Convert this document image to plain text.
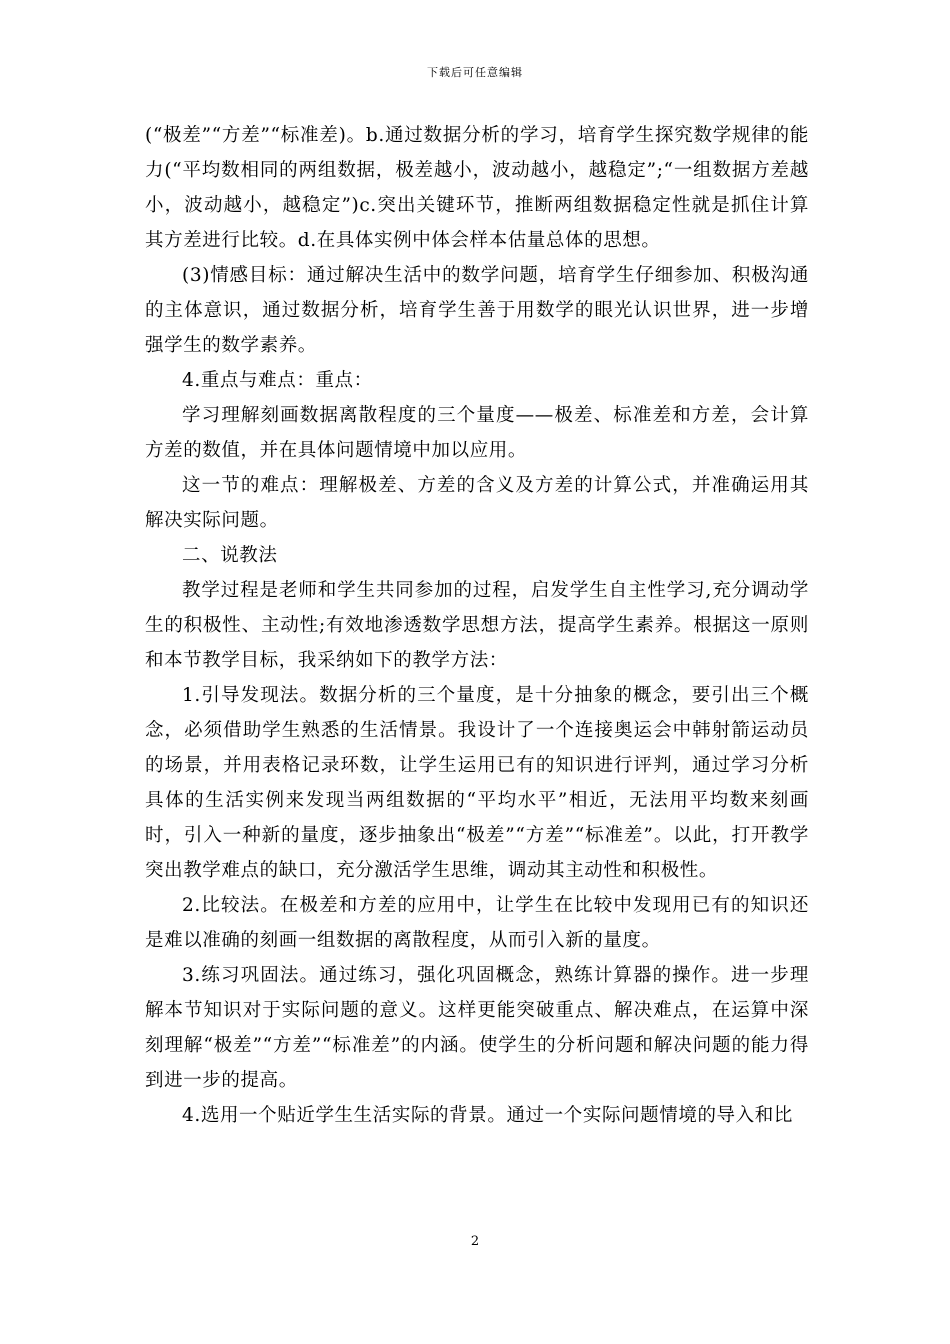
下载后可任意编辑

(“极差”“方差”“标准差)。b.通过数据分析的学习，培育学生探究数学规律的能力(“平均数相同的两组数据，极差越小，波动越小，越稳定”;“一组数据方差越小，波动越小，越稳定”)c.突出关键环节，推断两组数据稳定性就是抓住计算其方差进行比较。d.在具体实例中体会样本估量总体的思想。

(3)情感目标：通过解决生活中的数学问题，培育学生仔细参加、积极沟通的主体意识，通过数据分析，培育学生善于用数学的眼光认识世界，进一步增强学生的数学素养。

4.重点与难点：重点：

学习理解刻画数据离散程度的三个量度——极差、标准差和方差，会计算方差的数值，并在具体问题情境中加以应用。

这一节的难点：理解极差、方差的含义及方差的计算公式，并准确运用其解决实际问题。

二、说教法

教学过程是老师和学生共同参加的过程，启发学生自主性学习,充分调动学生的积极性、主动性;有效地渗透数学思想方法，提高学生素养。根据这一原则和本节教学目标，我采纳如下的教学方法：

1.引导发现法。数据分析的三个量度，是十分抽象的概念，要引出三个概念，必须借助学生熟悉的生活情景。我设计了一个连接奥运会中韩射箭运动员的场景，并用表格记录环数，让学生运用已有的知识进行评判，通过学习分析具体的生活实例来发现当两组数据的“平均水平”相近，无法用平均数来刻画时，引入一种新的量度，逐步抽象出“极差”“方差”“标准差”。以此，打开教学突出教学难点的缺口，充分激活学生思维，调动其主动性和积极性。

2.比较法。在极差和方差的应用中，让学生在比较中发现用已有的知识还是难以准确的刻画一组数据的离散程度，从而引入新的量度。

3.练习巩固法。通过练习，强化巩固概念，熟练计算器的操作。进一步理解本节知识对于实际问题的意义。这样更能突破重点、解决难点，在运算中深刻理解“极差”“方差”“标准差”的内涵。使学生的分析问题和解决问题的能力得到进一步的提高。

4.选用一个贴近学生生活实际的背景。通过一个实际问题情境的导入和比

2
